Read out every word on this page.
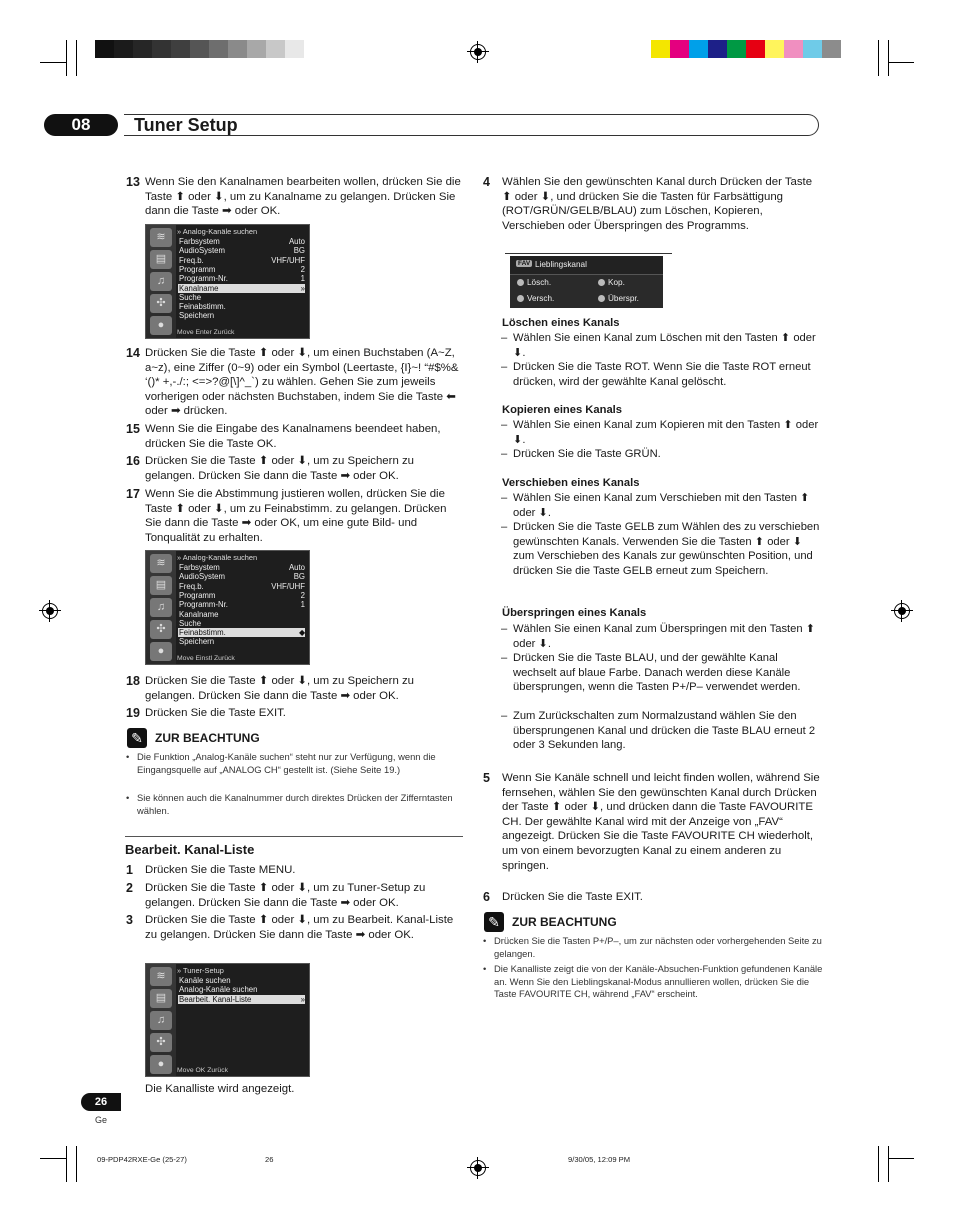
08	Tuner Setup
13 Wenn Sie den Kanalnamen bearbeiten wollen, drücken Sie die Taste ⬆ oder ⬇, um zu Kanalname zu gelangen. Drücken Sie dann die Taste ➡ oder OK.
≋
▤
♫
✣
●
» Analog-Kanäle suchen
Farbsystem	Auto
AudioSystem	BG
Freq.b.	VHF/UHF
Programm	2
Programm-Nr.	1
Kanalname	»
Suche
Feinabstimm.
Speichern
Move Enter Zurück
14 Drücken Sie die Taste ⬆ oder ⬇, um einen Buchstaben (A~Z, a~z), eine Ziffer (0~9) oder ein Symbol (Leertaste, {I}~! “#$%& ‘()* +,-./:; <=>?@[\]^_`) zu wählen. Gehen Sie zum jeweils vorherigen oder nächsten Buchstaben, indem Sie die Taste ⬅ oder ➡ drücken.
15 Wenn Sie die Eingabe des Kanalnamens beendeet haben, drücken Sie die Taste OK.
16 Drücken Sie die Taste ⬆ oder ⬇, um zu Speichern zu gelangen. Drücken Sie dann die Taste ➡ oder OK.
17 Wenn Sie die Abstimmung justieren wollen, drücken Sie die Taste ⬆ oder ⬇, um zu Feinabstimm. zu gelangen. Drücken Sie dann die Taste ➡ oder OK, um eine gute Bild- und Tonqualität zu erhalten.
≋
▤
♫
✣
●
» Analog-Kanäle suchen
Farbsystem	Auto
AudioSystem	BG
Freq.b.	VHF/UHF
Programm	2
Programm-Nr.	1
Kanalname
Suche
Feinabstimm.	◆
Speichern
Move Einstl Zurück
18 Drücken Sie die Taste ⬆ oder ⬇, um zu Speichern zu gelangen. Drücken Sie dann die Taste ➡ oder OK.
19 Drücken Sie die Taste EXIT.
✎	ZUR BEACHTUNG
• Die Funktion „Analog-Kanäle suchen“ steht nur zur Verfügung, wenn die Eingangsquelle auf „ANALOG CH“ gestellt ist. (Siehe Seite 19.)
• Sie können auch die Kanalnummer durch direktes Drücken der Zifferntasten wählen.
Bearbeit. Kanal-Liste
1 Drücken Sie die Taste MENU.
2 Drücken Sie die Taste ⬆ oder ⬇, um zu Tuner-Setup zu gelangen. Drücken Sie dann die Taste ➡ oder OK.
3 Drücken Sie die Taste ⬆ oder ⬇, um zu Bearbeit. Kanal-Liste zu gelangen. Drücken Sie dann die Taste ➡ oder OK.
≋
▤
♫
✣
●
» Tuner-Setup
Kanäle suchen
Analog-Kanäle suchen
Bearbeit. Kanal-Liste	»
Move OK Zurück
Die Kanalliste wird angezeigt.
26
Ge
4 Wählen Sie den gewünschten Kanal durch Drücken der Taste ⬆ oder ⬇, und drücken Sie die Tasten für Farbsättigung (ROT/GRÜN/GELB/BLAU) zum Löschen, Kopieren, Verschieben oder Überspringen des Programms.
FAV Lieblingskanal
Lösch.	Kop.
Versch.	Überspr.
Löschen eines Kanals
– Wählen Sie einen Kanal zum Löschen mit den Tasten ⬆ oder ⬇.
– Drücken Sie die Taste ROT. Wenn Sie die Taste ROT erneut drücken, wird der gewählte Kanal gelöscht.
Kopieren eines Kanals
– Wählen Sie einen Kanal zum Kopieren mit den Tasten ⬆ oder ⬇.
– Drücken Sie die Taste GRÜN.
Verschieben eines Kanals
– Wählen Sie einen Kanal zum Verschieben mit den Tasten ⬆ oder ⬇.
– Drücken Sie die Taste GELB zum Wählen des zu verschieben gewünschten Kanals. Verwenden Sie die Tasten ⬆ oder ⬇ zum Verschieben des Kanals zur gewünschten Position, und drücken Sie die Taste GELB erneut zum Speichern.
Überspringen eines Kanals
– Wählen Sie einen Kanal zum Überspringen mit den Tasten ⬆ oder ⬇.
– Drücken Sie die Taste BLAU, und der gewählte Kanal wechselt auf blaue Farbe. Danach werden diese Kanäle übersprungen, wenn die Tasten P+/P– verwendet werden.
– Zum Zurückschalten zum Normalzustand wählen Sie den übersprungenen Kanal und drücken die Taste BLAU erneut 2 oder 3 Sekunden lang.
5 Wenn Sie Kanäle schnell und leicht finden wollen, während Sie fernsehen, wählen Sie den gewünschten Kanal durch Drücken der Taste ⬆ oder ⬇, und drücken dann die Taste FAVOURITE CH. Der gewählte Kanal wird mit der Anzeige von „FAV“ angezeigt. Drücken Sie die Taste FAVOURITE CH wiederholt, um von einem bevorzugten Kanal zu einem anderen zu springen.
6 Drücken Sie die Taste EXIT.
✎	ZUR BEACHTUNG
• Drücken Sie die Tasten P+/P–, um zur nächsten oder vorhergehenden Seite zu gelangen.
• Die Kanalliste zeigt die von der Kanäle-Absuchen-Funktion gefundenen Kanäle an. Wenn Sie den Lieblingskanal-Modus annullieren wollen, drücken Sie die Taste FAVOURITE CH, während „FAV“ erscheint.
09-PDP42RXE-Ge (25-27)	26	9/30/05, 12:09 PM
